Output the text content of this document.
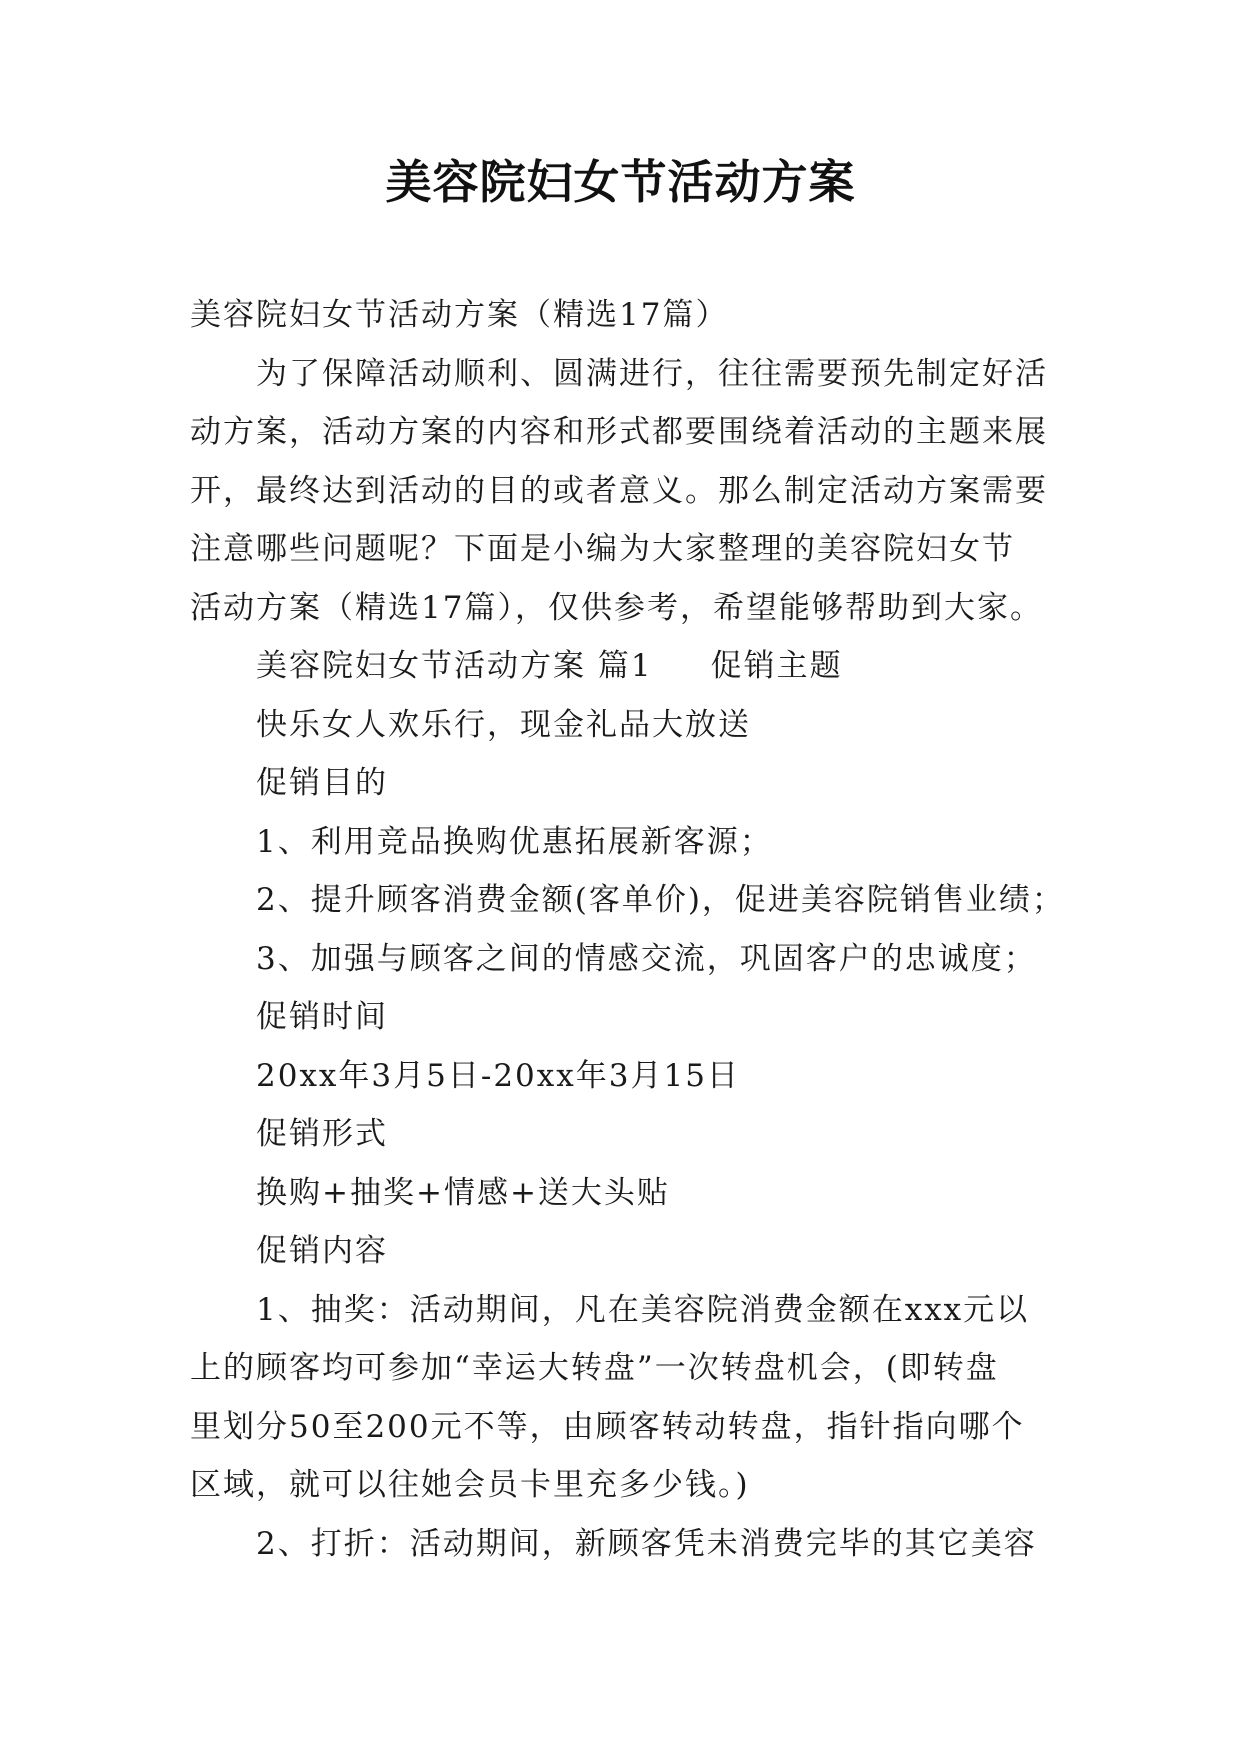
美容院妇女节活动方案

美容院妇女节活动方案（精选17篇）

为了保障活动顺利、圆满进行，往往需要预先制定好活

动方案，活动方案的内容和形式都要围绕着活动的主题来展

开，最终达到活动的目的或者意义。那么制定活动方案需要

注意哪些问题呢？下面是小编为大家整理的美容院妇女节

活动方案（精选17篇），仅供参考，希望能够帮助到大家。

美容院妇女节活动方案 篇1 促销主题

快乐女人欢乐行，现金礼品大放送

促销目的

1、利用竞品换购优惠拓展新客源；

2、提升顾客消费金额(客单价)，促进美容院销售业绩；

3、加强与顾客之间的情感交流，巩固客户的忠诚度；

促销时间

20xx年3月5日-20xx年3月15日

促销形式

换购+抽奖+情感+送大头贴

促销内容

1、抽奖：活动期间，凡在美容院消费金额在xxx元以

上的顾客均可参加“幸运大转盘”一次转盘机会，(即转盘

里划分50至200元不等，由顾客转动转盘，指针指向哪个

区域，就可以往她会员卡里充多少钱。)

2、打折：活动期间，新顾客凭未消费完毕的其它美容
